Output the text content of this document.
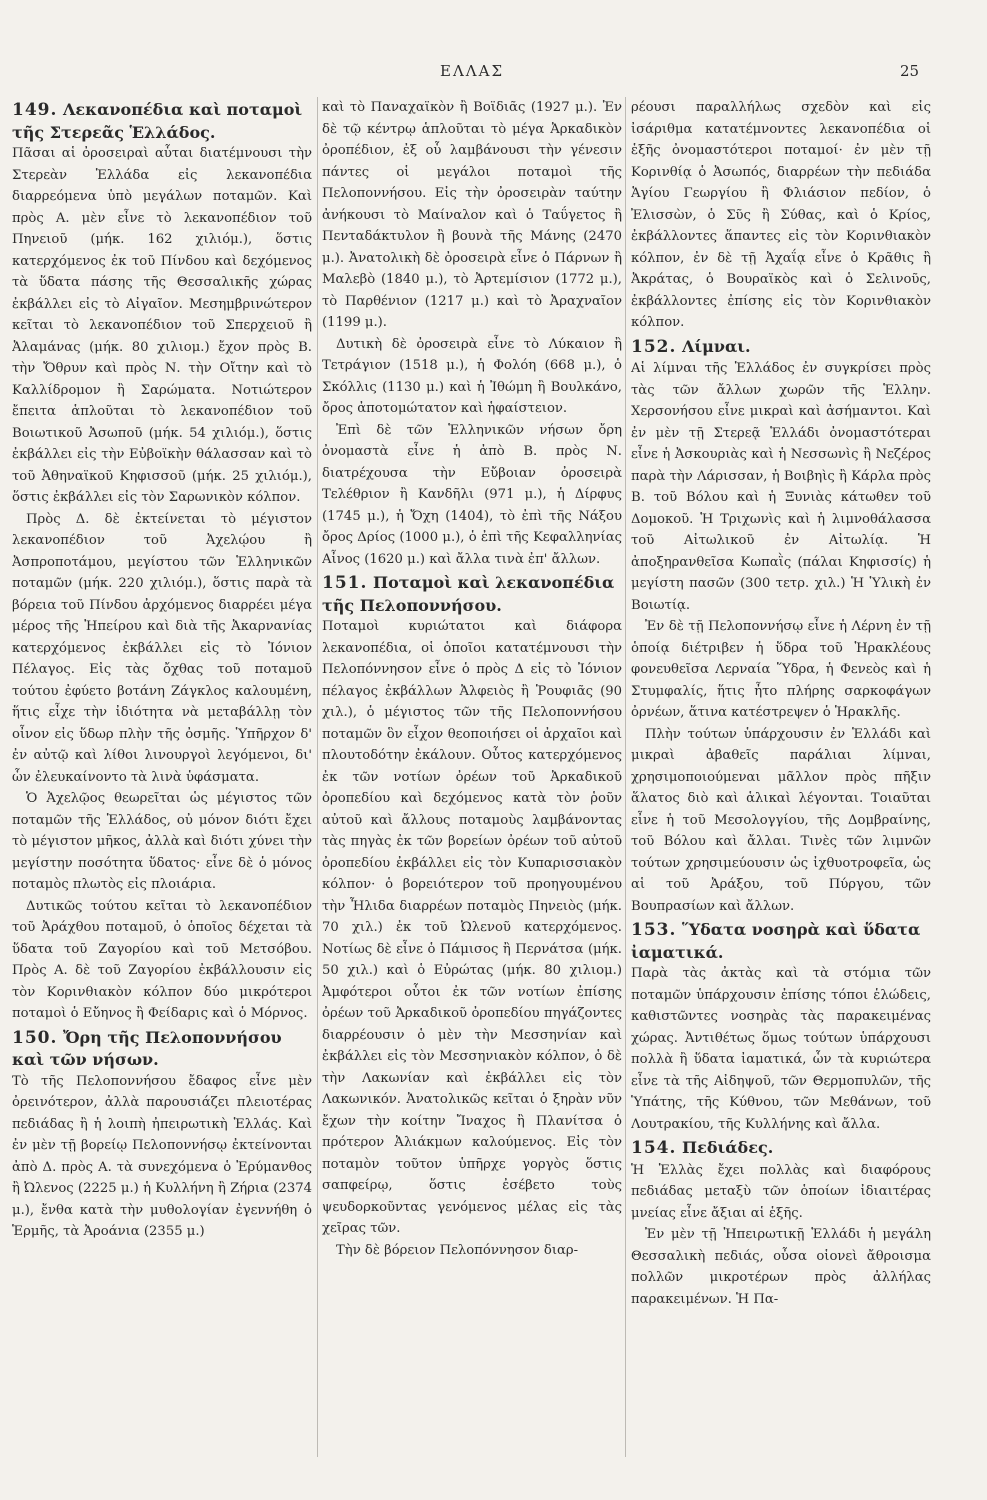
ΕΛΛΑΣ	25
149. Λεκανοπέδια καὶ ποταμοὶ τῆς Στερεᾶς Ἑλλάδος.

Πᾶσαι αἱ ὀροσειραὶ αὗται διατέμνουσι τὴν Στερεὰν Ἑλλάδα εἰς λεκανοπέδια διαρρεόμενα ὑπὸ μεγάλων ποταμῶν. Καὶ πρὸς Α. μὲν εἶνε τὸ λεκανοπέδιον τοῦ Πηνειοῦ (μήκ. 162 χιλιόμ.), ὅστις κατερχόμενος ἐκ τοῦ Πίνδου καὶ δεχόμενος τὰ ὕδατα πάσης τῆς Θεσσαλικῆς χώρας ἐκβάλλει εἰς τὸ Αἰγαῖον. Μεσημβρινώτερον κεῖται τὸ λεκανοπέδιον τοῦ Σπερχειοῦ ἢ Ἀλαμάνας (μήκ. 80 χιλιομ.) ἔχον πρὸς Β. τὴν Ὄθρυν καὶ πρὸς Ν. τὴν Οἴτην καὶ τὸ Καλλίδρομον ἢ Σαρώματα. Νοτιώτερον ἔπειτα ἁπλοῦται τὸ λεκανοπέδιον τοῦ Βοιωτικοῦ Ἀσωποῦ (μήκ. 54 χιλιόμ.), ὅστις ἐκβάλλει εἰς τὴν Εὐβοϊκὴν θάλασσαν καὶ τὸ τοῦ Ἀθηναϊκοῦ Κηφισσοῦ (μήκ. 25 χιλιόμ.), ὅστις ἐκβάλλει εἰς τὸν Σαρωνικὸν κόλπον.

Πρὸς Δ. δὲ ἐκτείνεται τὸ μέγιστον λεκανοπέδιον τοῦ Ἀχελῴου ἢ Ἀσπροποτάμου, μεγίστου τῶν Ἑλληνικῶν ποταμῶν (μήκ. 220 χιλιόμ.), ὅστις παρὰ τὰ βόρεια τοῦ Πίνδου ἀρχόμενος διαρρέει μέγα μέρος τῆς Ἠπείρου καὶ διὰ τῆς Ἀκαρνανίας κατερχόμενος ἐκβάλλει εἰς τὸ Ἰόνιον Πέλαγος. Εἰς τὰς ὄχθας τοῦ ποταμοῦ τούτου ἐφύετο βοτάνη Ζάγκλος καλουμένη, ἥτις εἶχε τὴν ἰδιότητα νὰ μεταβάλλῃ τὸν οἶνον εἰς ὕδωρ πλὴν τῆς ὀσμῆς. Ὑπῆρχον δ' ἐν αὐτῷ καὶ λίθοι λινουργοὶ λεγόμενοι, δι' ὧν ἐλευκαίνοντο τὰ λινὰ ὑφάσματα.

Ὁ Ἀχελῷος θεωρεῖται ὡς μέγιστος τῶν ποταμῶν τῆς Ἑλλάδος, οὐ μόνον διότι ἔχει τὸ μέγιστον μῆκος, ἀλλὰ καὶ διότι χύνει τὴν μεγίστην ποσότητα ὕδατος· εἶνε δὲ ὁ μόνος ποταμὸς πλωτὸς εἰς πλοιάρια.

Δυτικῶς τούτου κεῖται τὸ λεκανοπέδιον τοῦ Ἀράχθου ποταμοῦ, ὁ ὁποῖος δέχεται τὰ ὕδατα τοῦ Ζαγορίου καὶ τοῦ Μετσόβου. Πρὸς Α. δὲ τοῦ Ζαγορίου ἐκβάλλουσιν εἰς τὸν Κορινθιακὸν κόλπον δύο μικρότεροι ποταμοὶ ὁ Εὔηνος ἢ Φείδαρις καὶ ὁ Μόρνος.

150. Ὄρη τῆς Πελοποννήσου καὶ τῶν νήσων.

Τὸ τῆς Πελοποννήσου ἔδαφος εἶνε μὲν ὀρεινότερον, ἀλλὰ παρουσιάζει πλειοτέρας πεδιάδας ἢ ἡ λοιπὴ ἠπειρωτικὴ Ἑλλάς. Καὶ ἐν μὲν τῇ βορείῳ Πελοποννήσῳ ἐκτείνονται ἀπὸ Δ. πρὸς Α. τὰ συνεχόμενα ὁ Ἐρύμανθος ἢ Ὠλενος (2225 μ.) ἡ Κυλλήνη ἢ Ζήρια (2374 μ.), ἔνθα κατὰ τὴν μυθολογίαν ἐγεννήθη ὁ Ἑρμῆς, τὰ Ἀροάνια (2355 μ.)

καὶ τὸ Παναχαϊκὸν ἢ Βοϊδιᾶς (1927 μ.). Ἐν δὲ τῷ κέντρῳ ἁπλοῦται τὸ μέγα Ἀρκαδικὸν ὀροπέδιον, ἐξ οὗ λαμβάνουσι τὴν γένεσιν πάντες οἱ μεγάλοι ποταμοὶ τῆς Πελοποννήσου. Εἰς τὴν ὀροσειρὰν ταύτην ἀνήκουσι τὸ Μαίναλον καὶ ὁ Ταΰγετος ἢ Πενταδάκτυλον ἢ βουνὰ τῆς Μάνης (2470 μ.). Ἀνατολικὴ δὲ ὀροσειρὰ εἶνε ὁ Πάρνων ἢ Μαλεβὸ (1840 μ.), τὸ Ἀρτεμίσιον (1772 μ.), τὸ Παρθένιον (1217 μ.) καὶ τὸ Ἀραχναῖον (1199 μ.).

Δυτικὴ δὲ ὀροσειρὰ εἶνε τὸ Λύκαιον ἢ Τετράγιον (1518 μ.), ἡ Φολόη (668 μ.), ὁ Σκόλλις (1130 μ.) καὶ ἡ Ἰθώμη ἢ Βουλκάνο, ὄρος ἀποτομώτατον καὶ ἡφαίστειον.

Ἐπὶ δὲ τῶν Ἑλληνικῶν νήσων ὄρη ὀνομαστὰ εἶνε ἡ ἀπὸ Β. πρὸς Ν. διατρέχουσα τὴν Εὔβοιαν ὀροσειρὰ Τελέθριον ἢ Κανδῆλι (971 μ.), ἡ Δίρφυς (1745 μ.), ἡ Ὄχη (1404), τὸ ἐπὶ τῆς Νάξου ὄρος Δρίος (1000 μ.), ὁ ἐπὶ τῆς Κεφαλληνίας Αἶνος (1620 μ.) καὶ ἄλλα τινὰ ἐπ' ἄλλων.

151. Ποταμοὶ καὶ λεκανοπέδια τῆς Πελοποννήσου.

Ποταμοὶ κυριώτατοι καὶ διάφορα λεκανοπέδια, οἱ ὁποῖοι κατατέμνουσι τὴν Πελοπόννησον εἶνε ὁ πρὸς Δ εἰς τὸ Ἰόνιον πέλαγος ἐκβάλλων Ἀλφειὸς ἢ Ῥουφιᾶς (90 χιλ.), ὁ μέγιστος τῶν τῆς Πελοποννήσου ποταμῶν ὃν εἶχον θεοποιήσει οἱ ἀρχαῖοι καὶ πλουτοδότην ἐκάλουν. Οὗτος κατερχόμενος ἐκ τῶν νοτίων ὀρέων τοῦ Ἀρκαδικοῦ ὀροπεδίου καὶ δεχόμενος κατὰ τὸν ῥοῦν αὐτοῦ καὶ ἄλλους ποταμοὺς λαμβάνοντας τὰς πηγὰς ἐκ τῶν βορείων ὀρέων τοῦ αὐτοῦ ὀροπεδίου ἐκβάλλει εἰς τὸν Κυπαρισσιακὸν κόλπον· ὁ βορειότερον τοῦ προηγουμένου τὴν Ἦλιδα διαρρέων ποταμὸς Πηνειὸς (μήκ. 70 χιλ.) ἐκ τοῦ Ὠλενοῦ κατερχόμενος. Νοτίως δὲ εἶνε ὁ Πάμισος ἢ Περνάτσα (μήκ. 50 χιλ.) καὶ ὁ Εὐρώτας (μήκ. 80 χιλιομ.) Ἀμφότεροι οὗτοι ἐκ τῶν νοτίων ἐπίσης ὀρέων τοῦ Ἀρκαδικοῦ ὀροπεδίου πηγάζοντες διαρρέουσιν ὁ μὲν τὴν Μεσσηνίαν καὶ ἐκβάλλει εἰς τὸν Μεσσηνιακὸν κόλπον, ὁ δὲ τὴν Λακωνίαν καὶ ἐκβάλλει εἰς τὸν Λακωνικόν. Ἀνατολικῶς κεῖται ὁ ξηρὰν νῦν ἔχων τὴν κοίτην Ἴναχος ἢ Πλανίτσα ὁ πρότερον Ἀλιάκμων καλούμενος. Εἰς τὸν ποταμὸν τοῦτον ὑπῆρχε γοργὸς ὅστις σαπφείρῳ, ὅστις ἐσέβετο τοὺς ψευδορκοῦντας γενόμενος μέλας εἰς τὰς χεῖρας τῶν.

Τὴν δὲ βόρειον Πελοπόννησον διαρ-

ρέουσι παραλλήλως σχεδὸν καὶ εἰς ἰσάριθμα κατατέμνοντες λεκανοπέδια οἱ ἑξῆς ὀνομαστότεροι ποταμοί· ἐν μὲν τῇ Κορινθίᾳ ὁ Ἀσωπός, διαρρέων τὴν πεδιάδα Ἁγίου Γεωργίου ἢ Φλιάσιον πεδίον, ὁ Ἐλισσὼν, ὁ Σῦς ἢ Σύθας, καὶ ὁ Κρίος, ἐκβάλλοντες ἅπαντες εἰς τὸν Κορινθιακὸν κόλπον, ἐν δὲ τῇ Ἀχαΐᾳ εἶνε ὁ Κρᾶθις ἢ Ἀκράτας, ὁ Βουραϊκὸς καὶ ὁ Σελινοῦς, ἐκβάλλοντες ἐπίσης εἰς τὸν Κορινθιακὸν κόλπον.

152. Λίμναι.

Αἱ λίμναι τῆς Ἑλλάδος ἐν συγκρίσει πρὸς τὰς τῶν ἄλλων χωρῶν τῆς Ἑλλην. Χερσονήσου εἶνε μικραὶ καὶ ἀσήμαντοι. Καὶ ἐν μὲν τῇ Στερεᾷ Ἑλλάδι ὀνομαστότεραι εἶνε ἡ Ἀσκουριὰς καὶ ἡ Νεσσωνὶς ἢ Νεζέρος παρὰ τὴν Λάρισσαν, ἡ Βοιβηὶς ἢ Κάρλα πρὸς Β. τοῦ Βόλου καὶ ἡ Ξυνιὰς κάτωθεν τοῦ Δομοκοῦ. Ἡ Τριχωνὶς καὶ ἡ λιμνοθάλασσα τοῦ Αἰτωλικοῦ ἐν Αἰτωλίᾳ. Ἡ ἀποξηρανθεῖσα Κωπαῒς (πάλαι Κηφισσίς) ἡ μεγίστη πασῶν (300 τετρ. χιλ.) Ἡ Ὑλικὴ ἐν Βοιωτίᾳ.

Ἐν δὲ τῇ Πελοποννήσῳ εἶνε ἡ Λέρνη ἐν τῇ ὁποίᾳ διέτριβεν ἡ ὕδρα τοῦ Ἡρακλέους φονευθεῖσα Λερναία Ὕδρα, ἡ Φενεὸς καὶ ἡ Στυμφαλίς, ἥτις ἦτο πλήρης σαρκοφάγων ὀρνέων, ἅτινα κατέστρεψεν ὁ Ἡρακλῆς.

Πλὴν τούτων ὑπάρχουσιν ἐν Ἑλλάδι καὶ μικραὶ ἀβαθεῖς παράλιαι λίμναι, χρησιμοποιούμεναι μᾶλλον πρὸς πῆξιν ἅλατος διὸ καὶ ἁλικαὶ λέγονται. Τοιαῦται εἶνε ἡ τοῦ Μεσολογγίου, τῆς Δομβραίνης, τοῦ Βόλου καὶ ἄλλαι. Τινὲς τῶν λιμνῶν τούτων χρησιμεύουσιν ὡς ἰχθυοτροφεῖα, ὡς αἱ τοῦ Ἀράξου, τοῦ Πύργου, τῶν Βουπρασίων καὶ ἄλλων.

153. Ὕδατα νοσηρὰ καὶ ὕδατα ἰαματικά.

Παρὰ τὰς ἀκτὰς καὶ τὰ στόμια τῶν ποταμῶν ὑπάρχουσιν ἐπίσης τόποι ἑλώδεις, καθιστῶντες νοσηρὰς τὰς παρακειμένας χώρας. Ἀντιθέτως ὅμως τούτων ὑπάρχουσι πολλὰ ἢ ὕδατα ἰαματικά, ὧν τὰ κυριώτερα εἶνε τὰ τῆς Αἰδηψοῦ, τῶν Θερμοπυλῶν, τῆς Ὑπάτης, τῆς Κύθνου, τῶν Μεθάνων, τοῦ Λουτρακίου, τῆς Κυλλήνης καὶ ἄλλα.

154. Πεδιάδες.

Ἡ Ἑλλὰς ἔχει πολλὰς καὶ διαφόρους πεδιάδας μεταξὺ τῶν ὁποίων ἰδιαιτέρας μνείας εἶνε ἄξιαι αἱ ἑξῆς.

Ἐν μὲν τῇ Ἠπειρωτικῇ Ἑλλάδι ἡ μεγάλη Θεσσαλικὴ πεδιάς, οὖσα οἱονεὶ ἄθροισμα πολλῶν μικροτέρων πρὸς ἀλλήλας παρακειμένων. Ἡ Πα-
